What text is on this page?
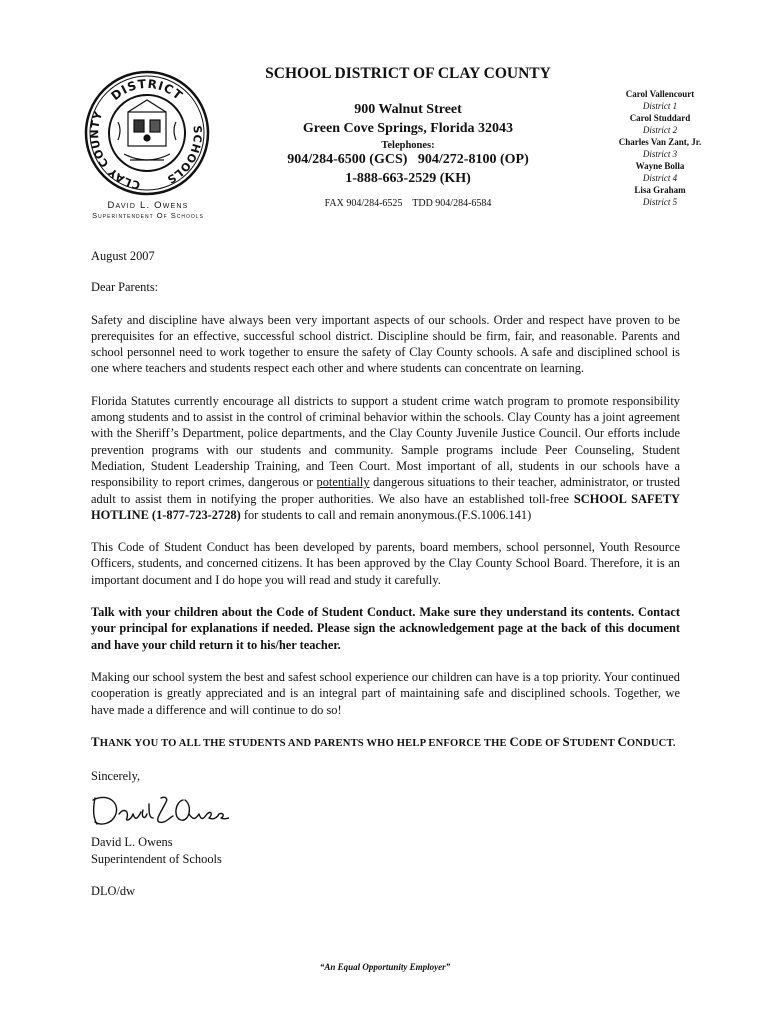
DISTRICT
CLAY COUNTY
SCHOOLS
David L. Owens
Superintendent Of Schools
SCHOOL DISTRICT OF CLAY COUNTY
900 Walnut Street
Green Cove Springs, Florida 32043
Telephones:
904/284-6500 (GCS)   904/272-8100 (OP)
1-888-663-2529 (KH)
FAX 904/284-6525    TDD 904/284-6584
Carol Vallencourt
District 1
Carol Studdard
District 2
Charles Van Zant, Jr.
District 3
Wayne Bolla
District 4
Lisa Graham
District 5

August 2007

Dear Parents:

Safety and discipline have always been very important aspects of our schools. Order and respect have proven to be prerequisites for an effective, successful school district. Discipline should be firm, fair, and reasonable. Parents and school personnel need to work together to ensure the safety of Clay County schools. A safe and disciplined school is one where teachers and students respect each other and where students can concentrate on learning.

Florida Statutes currently encourage all districts to support a student crime watch program to promote responsibility among students and to assist in the control of criminal behavior within the schools. Clay County has a joint agreement with the Sheriff’s Department, police departments, and the Clay County Juvenile Justice Council. Our efforts include prevention programs with our students and community. Sample programs include Peer Counseling, Student Mediation, Student Leadership Training, and Teen Court. Most important of all, students in our schools have a responsibility to report crimes, dangerous or potentially dangerous situations to their teacher, administrator, or trusted adult to assist them in notifying the proper authorities. We also have an established toll-free SCHOOL SAFETY HOTLINE (1-877-723-2728) for students to call and remain anonymous.(F.S.1006.141)

This Code of Student Conduct has been developed by parents, board members, school personnel, Youth Resource Officers, students, and concerned citizens. It has been approved by the Clay County School Board. Therefore, it is an important document and I do hope you will read and study it carefully.

Talk with your children about the Code of Student Conduct. Make sure they understand its contents. Contact your principal for explanations if needed. Please sign the acknowledgement page at the back of this document and have your child return it to his/her teacher.

Making our school system the best and safest school experience our children can have is a top priority. Your continued cooperation is greatly appreciated and is an integral part of maintaining safe and disciplined schools. Together, we have made a difference and will continue to do so!

THANK YOU TO ALL THE STUDENTS AND PARENTS WHO HELP ENFORCE THE CODE OF STUDENT CONDUCT.

Sincerely,

David L. Owens

Superintendent of Schools

DLO/dw

“An Equal Opportunity Employer”
